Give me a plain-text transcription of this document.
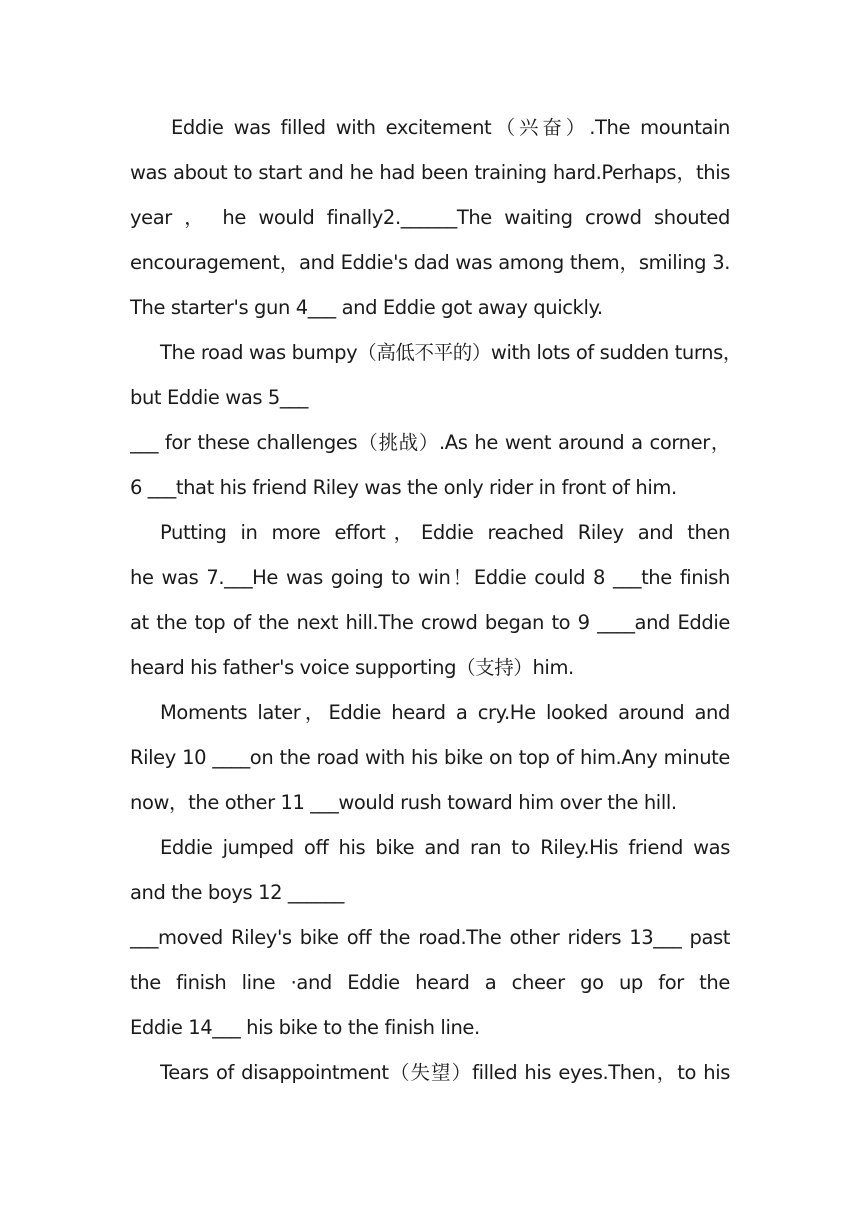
Eddie was filled with excitement（兴奋）.The mountain
was about to start and he had been training hard.Perhaps，this
year ， he would finally2.______The waiting crowd shouted
encouragement，and Eddie's dad was among them，smiling 3.
The starter's gun 4___ and Eddie got away quickly.
The road was bumpy（高低不平的）with lots of sudden turns，
but Eddie was 5___
___ for these challenges（挑战）.As he went around a corner，
6 ___that his friend Riley was the only rider in front of him.
Putting in more effort，Eddie reached Riley and then
he was 7.___He was going to win！Eddie could 8 ___the finish
at the top of the next hill.The crowd began to 9 ____and Eddie
heard his father's voice supporting（支持）him.
Moments later，Eddie heard a cry.He looked around and
Riley 10 ____on the road with his bike on top of him.Any minute
now，the other 11 ___would rush toward him over the hill.
Eddie jumped off his bike and ran to Riley.His friend was
and the boys 12 ______
___moved Riley's bike off the road.The other riders 13___ past
the finish line ·and Eddie heard a cheer go up for the
Eddie 14___ his bike to the finish line.
Tears of disappointment（失望）filled his eyes.Then，to his
